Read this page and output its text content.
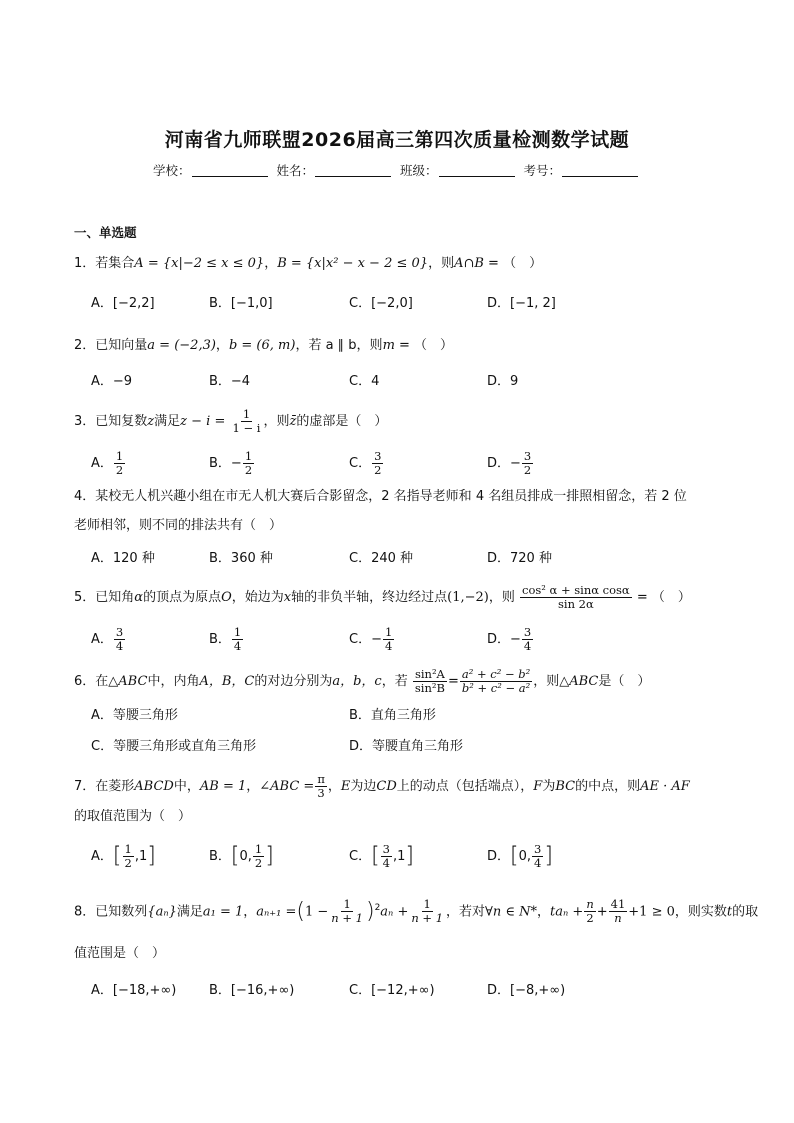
河南省九师联盟2026届高三第四次质量检测数学试题
学校：	姓名：	班级：	考号：
一、单选题
1．若集合A = {x|−2 ≤ x ≤ 0}，B = {x|x² − x − 2 ≤ 0}，则A∩B = （　）
A．[−2,2]	B．[−1,0]	C．[−2,0]	D．[−1, 2]
2．已知向量a = (−2,3)，b = (6, m)，若 a ∥ b，则m = （　）
A．−9	B．−4	C．4	D．9
3．已知复数z满足$z - i = \frac{1}{1 - i}$ ，则z̄的虚部是（　）
A． $\frac{1}{2}$	B．− $\frac{1}{2}$	C． $\frac{3}{2}$	D．− $\frac{3}{2}$
4．某校无人机兴趣小组在市无人机大赛后合影留念，2 名指导老师和 4 名组员排成一排照相留念，若 2 位
老师相邻，则不同的排法共有（　）
A．120 种	B．360 种	C．240 种	D．720 种
5．已知角α的顶点为原点O，始边为x轴的非负半轴，终边经过点(1,−2)，则 $\frac{\text{cos² α + sinα cosα}}{\sin 2\alpha}$ = （　）
A． $\frac{3}{4}$	B． $\frac{1}{4}$	C．− $\frac{1}{4}$	D．− $\frac{3}{4}$
6．在△ABC中，内角A，B，C的对边分别为a，b，c，若 $\frac{\text{sin²A}}{\text{sin²B}} = \frac{\text{a² + c² − b²}}{\text{b² + c² − a²}}$ ，则△ABC是（　）
A．等腰三角形	B．直角三角形
C．等腰三角形或直角三角形	D．等腰直角三角形
7．在菱形ABCD中，AB = 1，∠ABC = $\frac{\pi}{3}$ ，E为边CD上的动点（包括端点），F为BC的中点，则AE · AF
的取值范围为（　）
A．[ $\frac{1}{2} ,1$]	B．[0, $\frac{1}{2}$ ]	C．[ $\frac{3}{4} ,1$]	D．[0, $\frac{3}{4}$ ]
8．已知数列{aₙ}满足a₁ = 1，$a_{n+1} =(1 - \frac{1}{n + 1} )^2a_n + \frac{1}{n + 1}$ ，若对∀n ∈ N*，$ta_n + \frac{n}{2} + \frac{41}{n} +1 \ge 0$，则实数t的取
值范围是（　）
A．[−18,+∞)	B．[−16,+∞)	C．[−12,+∞)	D．[−8,+∞)
